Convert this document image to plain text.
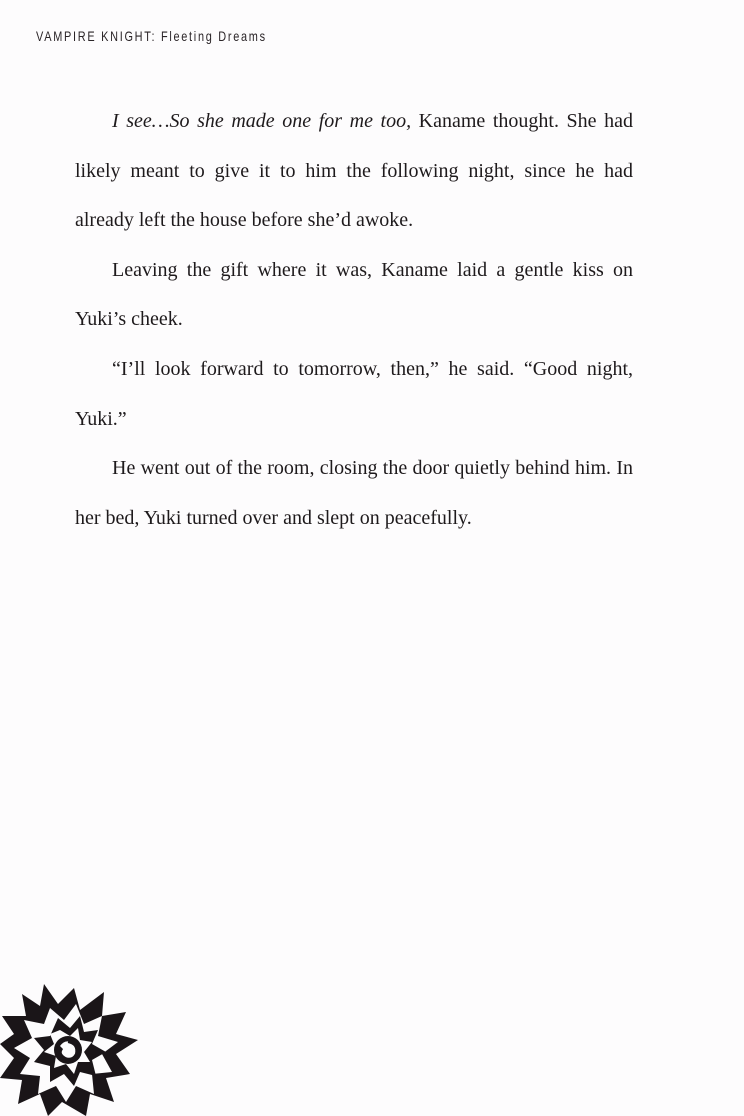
VAMPIRE KNIGHT: Fleeting Dreams

I see…So she made one for me too, Kaname thought. She had likely meant to give it to him the following night, since he had already left the house before she’d awoke.

Leaving the gift where it was, Kaname laid a gentle kiss on Yuki’s cheek.

“I’ll look forward to tomorrow, then,” he said. “Good night, Yuki.”

He went out of the room, closing the door quietly behind him. In her bed, Yuki turned over and slept on peacefully.
